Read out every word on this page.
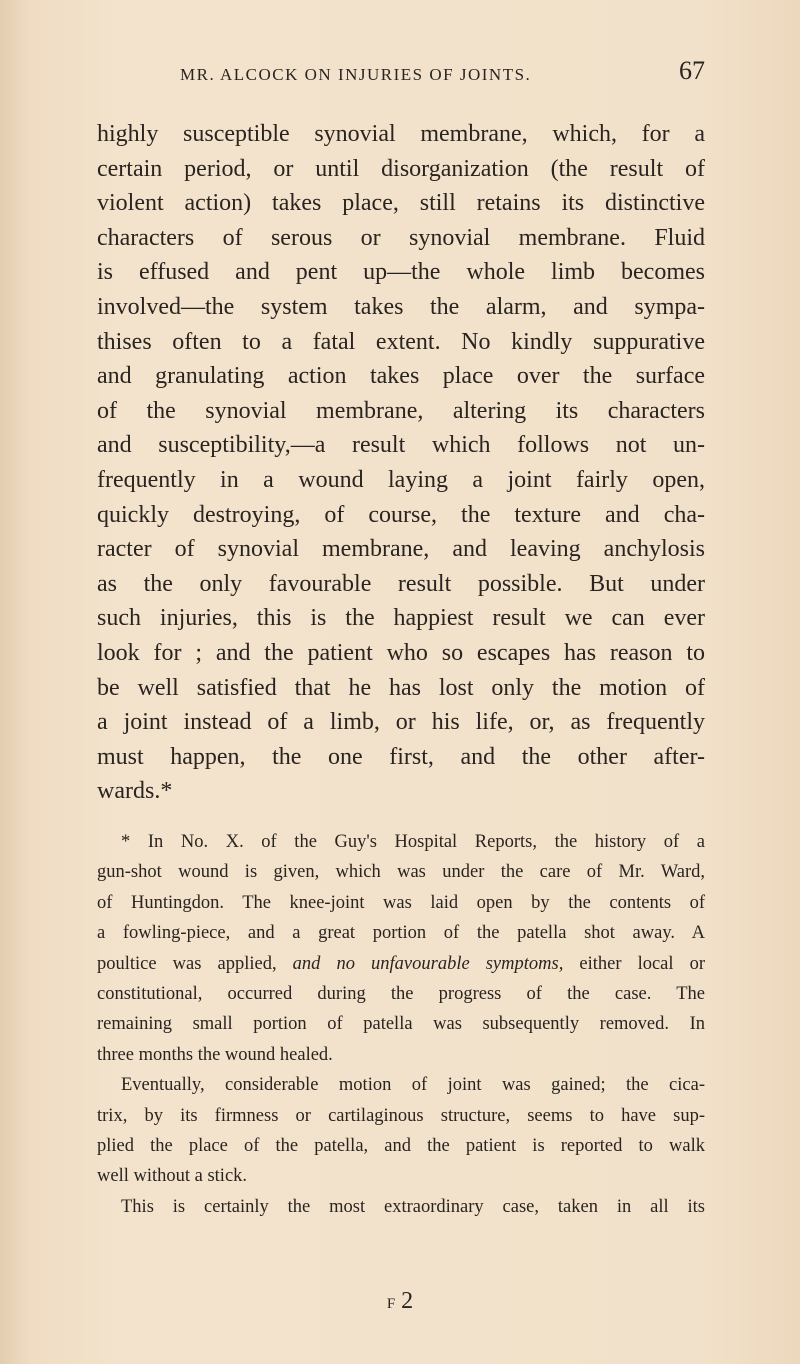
MR. ALCOCK ON INJURIES OF JOINTS.	67
highly susceptible synovial membrane, which, for a
certain period, or until disorganization (the result of
violent action) takes place, still retains its distinctive
characters of serous or synovial membrane. Fluid
is effused and pent up—the whole limb becomes
involved—the system takes the alarm, and sympa-
thises often to a fatal extent. No kindly suppurative
and granulating action takes place over the surface
of the synovial membrane, altering its characters
and susceptibility,—a result which follows not un-
frequently in a wound laying a joint fairly open,
quickly destroying, of course, the texture and cha-
racter of synovial membrane, and leaving anchylosis
as the only favourable result possible. But under
such injuries, this is the happiest result we can ever
look for ; and the patient who so escapes has reason to
be well satisfied that he has lost only the motion of
a joint instead of a limb, or his life, or, as frequently
must happen, the one first, and the other after-
wards.*
* In No. X. of the Guy's Hospital Reports, the history of a
gun-shot wound is given, which was under the care of Mr. Ward,
of Huntingdon. The knee-joint was laid open by the contents of
a fowling-piece, and a great portion of the patella shot away. A
poultice was applied, and no unfavourable symptoms, either local or
constitutional, occurred during the progress of the case. The
remaining small portion of patella was subsequently removed. In
three months the wound healed.
Eventually, considerable motion of joint was gained; the cica-
trix, by its firmness or cartilaginous structure, seems to have sup-
plied the place of the patella, and the patient is reported to walk
well without a stick.
This is certainly the most extraordinary case, taken in all its
F 2
